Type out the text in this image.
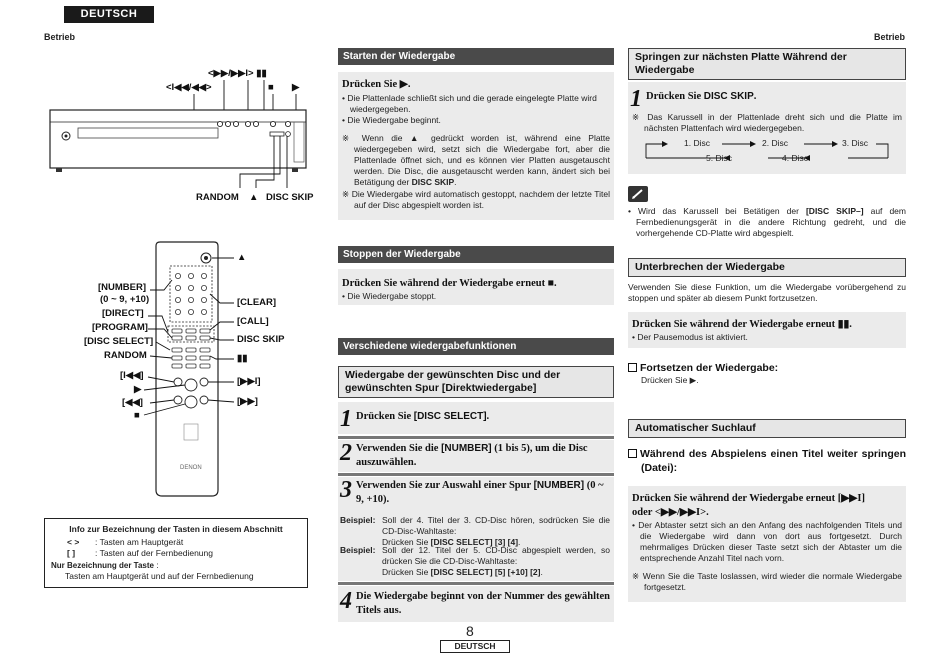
DEUTSCH
Betrieb	Betrieb
<▶▶/▶▶I> ▮▮
<I◀◀/◀◀>	■ ▶
RANDOM ▲ DISC SKIP
DENON
[NUMBER]
(0 ~ 9, +10)
[DIRECT]
[PROGRAM]
[DISC SELECT]
RANDOM
[I◀◀]
▶
[◀◀]
■
▲
[CLEAR]
[CALL]
DISC SKIP
▮▮
[▶▶I]
[▶▶]
Info zur Bezeichnung der Tasten in diesem Abschnitt
< > : Tasten am Hauptgerät
[ ] : Tasten auf der Fernbedienung
Nur Bezeichnung der Taste :
Tasten am Hauptgerät und auf der Fernbedienung
Starten der Wiedergabe
Drücken Sie ▶.
• Die Plattenlade schließt sich und die gerade eingelegte Platte wird wiedergegeben.
• Die Wiedergabe beginnt.
※ Wenn die ▲ gedrückt worden ist, während eine Platte wiedergegeben wird, setzt sich die Wiedergabe fort, aber die Plattenlade öffnet sich, und es können vier Platten ausgetauscht werden. Die Disc, die ausgetauscht werden kann, ändert sich bei Betätigung der DISC SKIP.
※ Die Wiedergabe wird automatisch gestoppt, nachdem der letzte Titel auf der Disc abgespielt worden ist.
Stoppen der Wiedergabe
Drücken Sie während der Wiedergabe erneut ■.
• Die Wiedergabe stoppt.
Verschiedene wiedergabefunktionen
Wiedergabe der gewünschten Disc und der gewünschten Spur [Direktwiedergabe]
1 Drücken Sie [DISC SELECT].
2 Verwenden Sie die [NUMBER] (1 bis 5), um die Disc auszuwählen.
3 Verwenden Sie zur Auswahl einer Spur [NUMBER] (0 ~ 9, +10).
Beispiel: Soll der 4. Titel der 3. CD-Disc hören, sodrücken Sie die CD-Disc-Wahltaste:
Drücken Sie [DISC SELECT] [3] [4].
Beispiel: Soll der 12. Titel der 5. CD-Disc abgespielt werden, so drücken Sie die CD-Disc-Wahltaste:
Drücken Sie [DISC SELECT] [5] [+10] [2].
4 Die Wiedergabe beginnt von der Nummer des gewählten Titels aus.
8
DEUTSCH
Springen zur nächsten Platte Während der Wiedergabe
1 Drücken Sie DISC SKIP.
※ Das Karussell in der Plattenlade dreht sich und die Platte im nächsten Plattenfach wird wiedergegeben.
1. Disc	2. Disc	3. Disc
4. Disc
5. Disc
• Wird das Karussell bei Betätigen der [DISC SKIP–] auf dem Fernbedienungsgerät in die andere Richtung gedreht, und die vorhergehende CD-Platte wird abgespielt.
Unterbrechen der Wiedergabe
Verwenden Sie diese Funktion, um die Wiedergabe vorübergehend zu stoppen und später ab diesem Punkt fortzusetzen.
Drücken Sie während der Wiedergabe erneut ▮▮.
• Der Pausemodus ist aktiviert.
Fortsetzen der Wiedergabe:
Drücken Sie ▶.
Automatischer Suchlauf
Während des Abspielens einen Titel weiter springen (Datei):
Drücken Sie während der Wiedergabe erneut [▶▶I]
oder <▶▶/▶▶I>.
• Der Abtaster setzt sich an den Anfang des nachfolgenden Titels und die Wiedergabe wird dann von dort aus fortgesetzt. Durch mehrmaliges Drücken dieser Taste setzt sich der Abtaster um die entsprechende Anzahl Titel nach vorn.
※ Wenn Sie die Taste loslassen, wird wieder die normale Wiedergabe fortgesetzt.
